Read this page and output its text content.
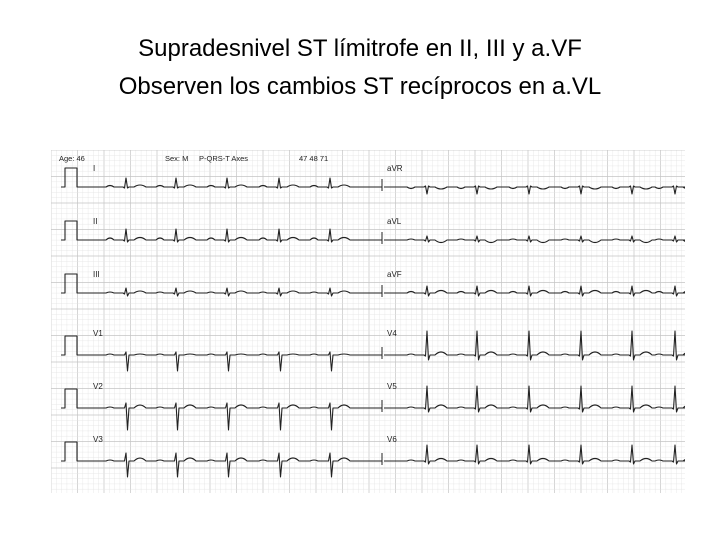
Supradesnivel ST límitrofe en II, III y a.VF
Observen los cambios ST recíprocos en a.VL
Age: 46	Sex: M P-QRS-T Axes	47 48 71
I
II
III
aVR
aVL
aVF
V1
V2
V3
V4
V5
V6
